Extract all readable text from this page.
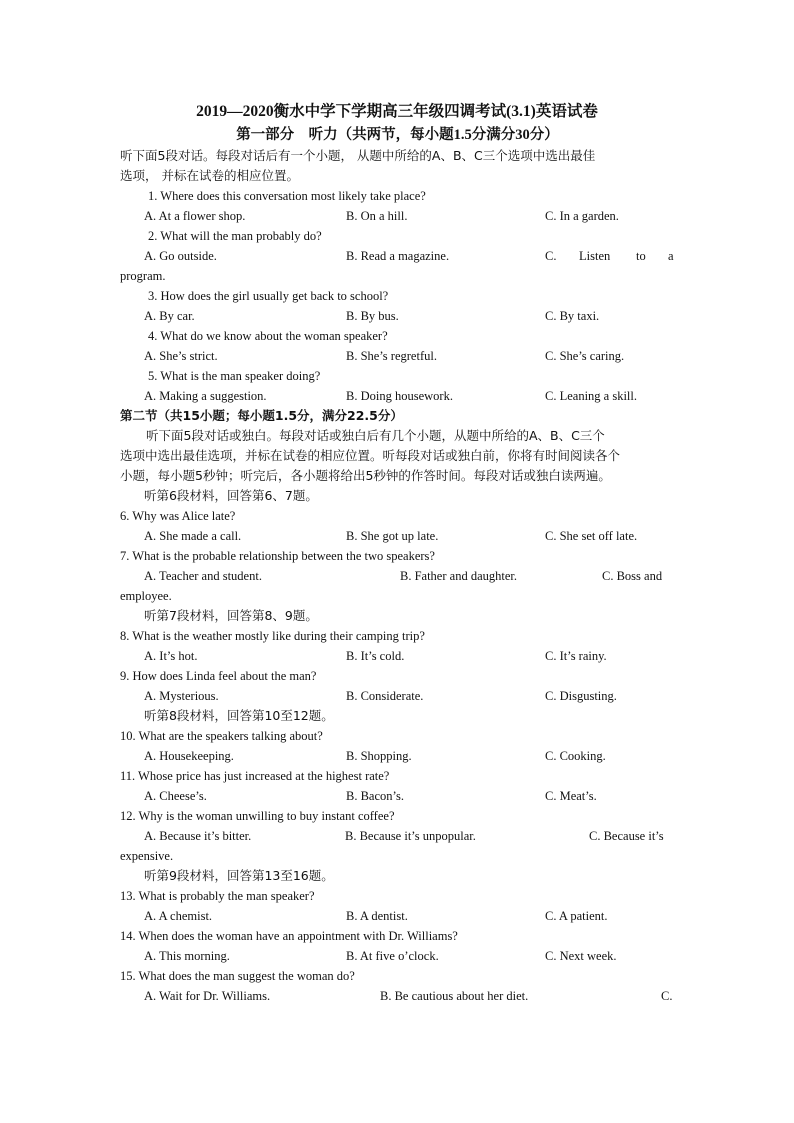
2019—2020衡水中学下学期高三年级四调考试(3.1)英语试卷
第一部分　听力（共两节，每小题1.5分满分30分）
听下面5段对话。每段对话后有一个小题， 从题中所给的A、B、C三个选项中选出最佳
选项， 并标在试卷的相应位置。
1. Where does this conversation most likely take place?
A. At a flower shop.	B. On a hill.	C. In a garden.
2. What will the man probably do?
A. Go outside.	B. Read a magazine.	C. Listen to a
program.
3. How does the girl usually get back to school?
A. By car.	B. By bus.	C. By taxi.
4. What do we know about the woman speaker?
A. She’s strict.	B. She’s regretful.	C. She’s caring.
5. What is the man speaker doing?
A. Making a suggestion.	B. Doing housework.	C. Leaning a skill.
第二节（共15小题；每小题1.5分，满分22.5分）
听下面5段对话或独白。每段对话或独白后有几个小题，从题中所给的A、B、C三个
选项中选出最佳选项，并标在试卷的相应位置。听每段对话或独白前，你将有时间阅读各个
小题，每小题5秒钟；听完后，各小题将给出5秒钟的作答时间。每段对话或独白读两遍。
听第6段材料，回答第6、7题。
6. Why was Alice late?
A. She made a call.	B. She got up late.	C. She set off late.
7. What is the probable relationship between the two speakers?
A. Teacher and student.	B. Father and daughter.	C. Boss and
employee.
听第7段材料，回答第8、9题。
8. What is the weather mostly like during their camping trip?
A. It’s hot.	B. It’s cold.	C. It’s rainy.
9. How does Linda feel about the man?
A. Mysterious.	B. Considerate.	C. Disgusting.
听第8段材料，回答第10至12题。
10. What are the speakers talking about?
A. Housekeeping.	B. Shopping.	C. Cooking.
11. Whose price has just increased at the highest rate?
A. Cheese’s.	B. Bacon’s.	C. Meat’s.
12. Why is the woman unwilling to buy instant coffee?
A. Because it’s bitter.	B. Because it’s unpopular.	C. Because it’s
expensive.
听第9段材料，回答第13至16题。
13. What is probably the man speaker?
A. A chemist.	B. A dentist.	C. A patient.
14. When does the woman have an appointment with Dr. Williams?
A. This morning.	B. At five o’clock.	C. Next week.
15. What does the man suggest the woman do?
A. Wait for Dr. Williams.	B. Be cautious about her diet.	C.
